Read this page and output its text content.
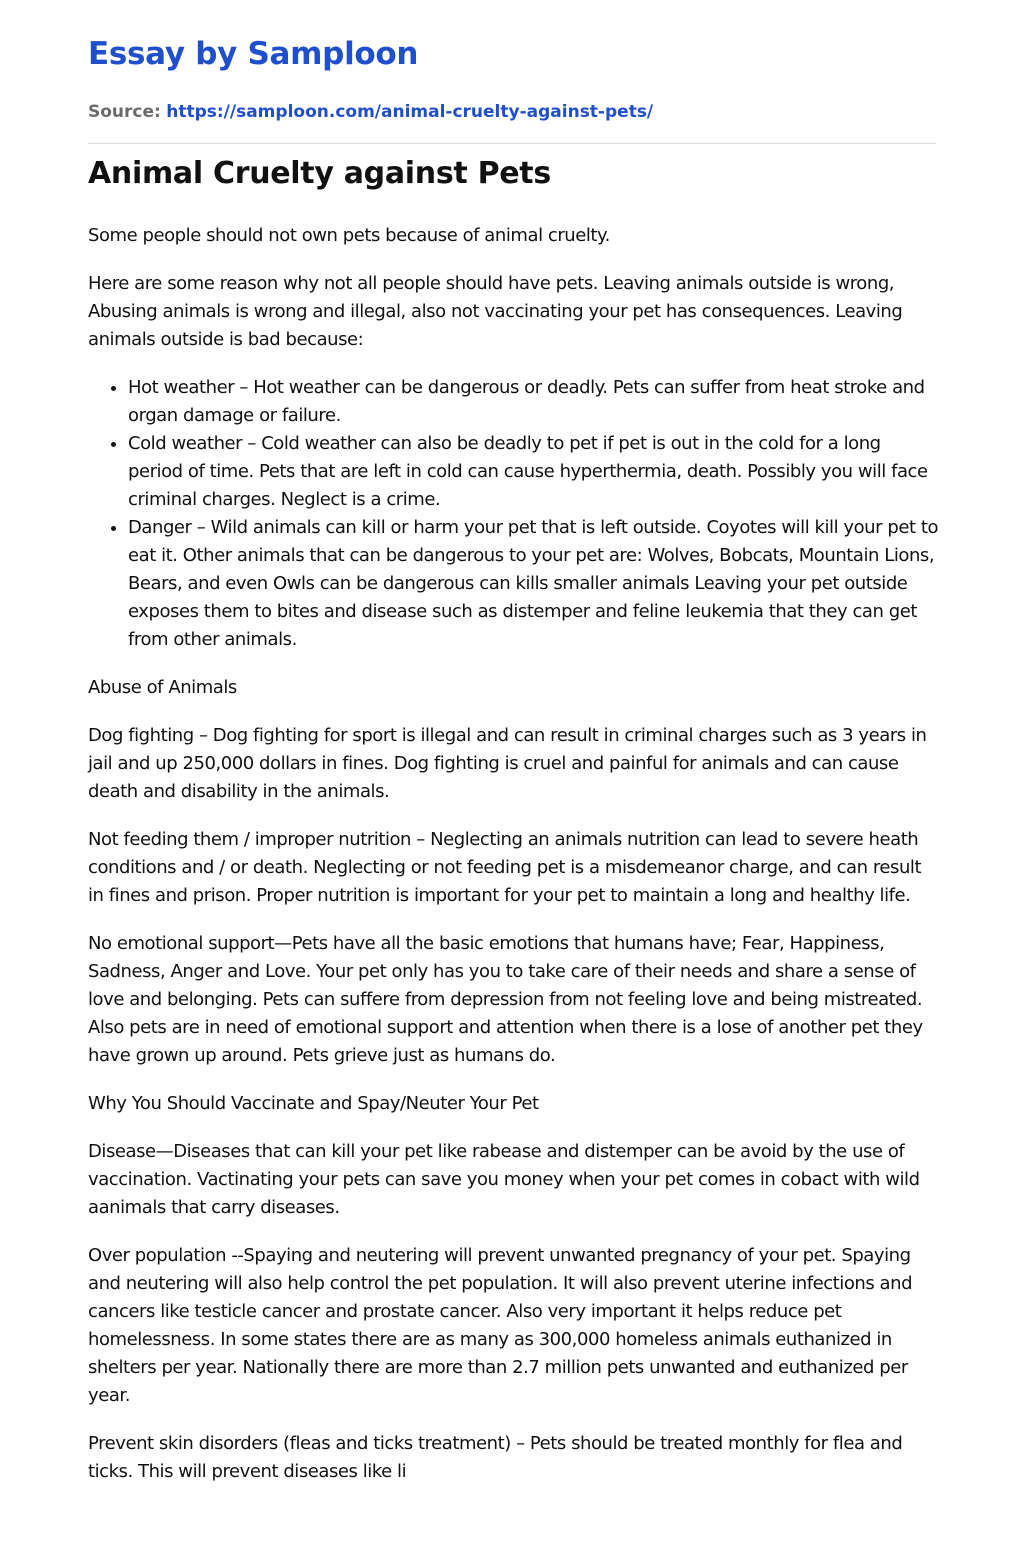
Essay by Samploon
Source: https://samploon.com/animal-cruelty-against-pets/
Animal Cruelty against Pets

Some people should not own pets because of animal cruelty.

Here are some reason why not all people should have pets. Leaving animals outside is wrong, Abusing animals is wrong and illegal, also not vaccinating your pet has consequences. Leaving animals outside is bad because:

• Hot weather – Hot weather can be dangerous or deadly. Pets can suffer from heat stroke and organ damage or failure.
• Cold weather – Cold weather can also be deadly to pet if pet is out in the cold for a long period of time. Pets that are left in cold can cause hyperthermia, death. Possibly you will face criminal charges. Neglect is a crime.
• Danger – Wild animals can kill or harm your pet that is left outside. Coyotes will kill your pet to eat it. Other animals that can be dangerous to your pet are: Wolves, Bobcats, Mountain Lions, Bears, and even Owls can be dangerous can kills smaller animals Leaving your pet outside exposes them to bites and disease such as distemper and feline leukemia that they can get from other animals.

Abuse of Animals

Dog fighting – Dog fighting for sport is illegal and can result in criminal charges such as 3 years in jail and up 250,000 dollars in fines. Dog fighting is cruel and painful for animals and can cause death and disability in the animals.

Not feeding them / improper nutrition – Neglecting an animals nutrition can lead to severe heath conditions and / or death. Neglecting or not feeding pet is a misdemeanor charge, and can result in fines and prison. Proper nutrition is important for your pet to maintain a long and healthy life.

No emotional support—Pets have all the basic emotions that humans have; Fear, Happiness, Sadness, Anger and Love. Your pet only has you to take care of their needs and share a sense of love and belonging. Pets can suffere from depression from not feeling love and being mistreated. Also pets are in need of emotional support and attention when there is a lose of another pet they have grown up around. Pets grieve just as humans do.

Why You Should Vaccinate and Spay/Neuter Your Pet

Disease—Diseases that can kill your pet like rabease and distemper can be avoid by the use of vaccination. Vactinating your pets can save you money when your pet comes in cobact with wild aanimals that carry diseases.

Over population --Spaying and neutering will prevent unwanted pregnancy of your pet. Spaying and neutering will also help control the pet population. It will also prevent uterine infections and cancers like testicle cancer and prostate cancer. Also very important it helps reduce pet homelessness. In some states there are as many as 300,000 homeless animals euthanized in shelters per year. Nationally there are more than 2.7 million pets unwanted and euthanized per year.

Prevent skin disorders (fleas and ticks treatment) – Pets should be treated monthly for flea and ticks. This will prevent diseases like li
